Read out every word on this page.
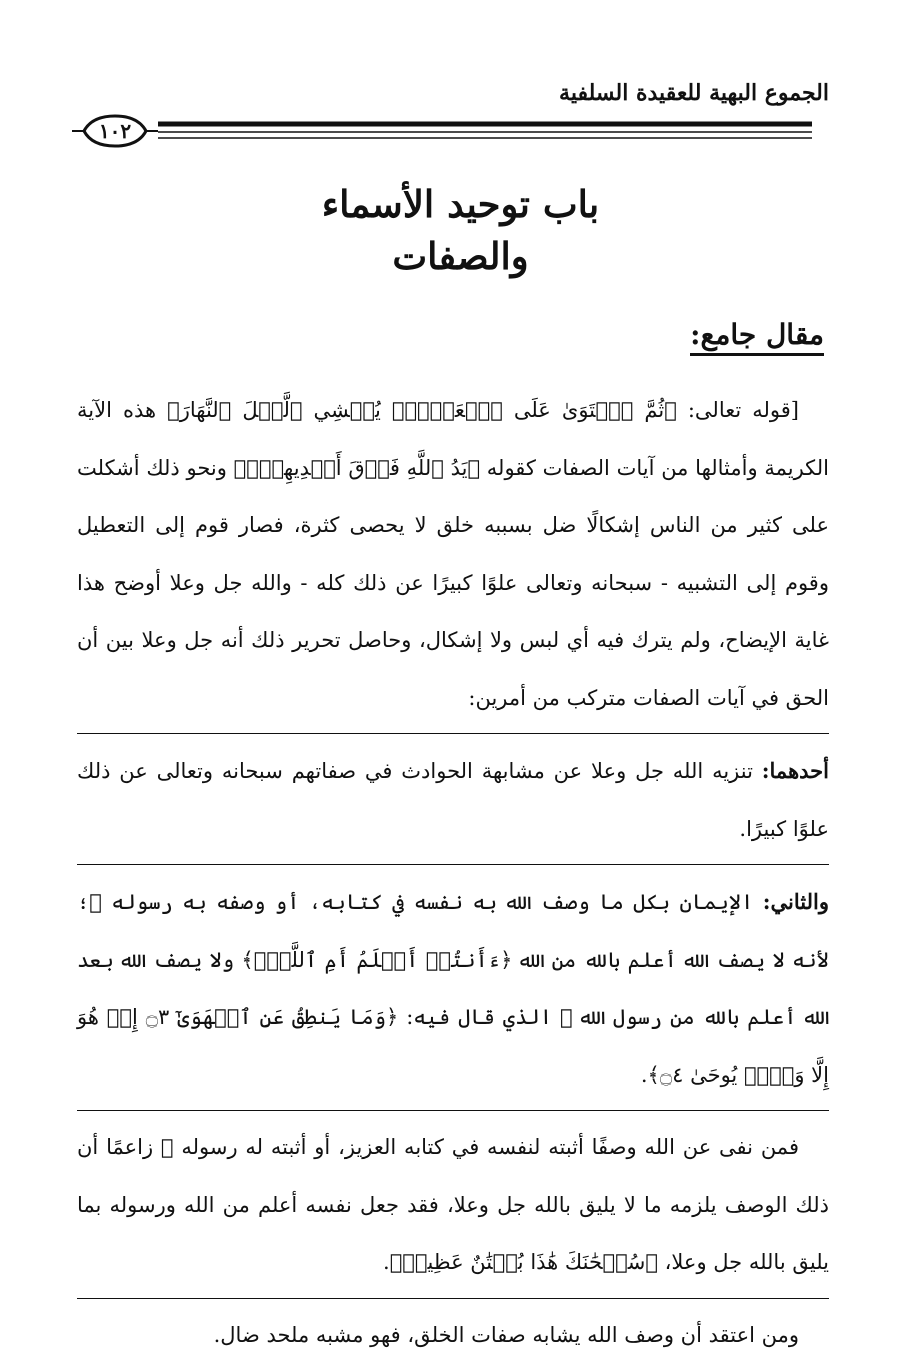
الجموع البهية للعقيدة السلفية
١٠٢
باب توحيد الأسماء
والصفات
مقال جامع:

[قوله تعالى: ﴿ثُمَّ ٱسۡتَوَىٰ عَلَى ٱلۡعَرۡشِۖ يُغۡشِي ٱلَّيۡلَ ٱلنَّهَارَ﴾ هذه الآية الكريمة وأمثالها من آيات الصفات كقوله ﴿يَدُ ٱللَّهِ فَوۡقَ أَيۡدِيهِمۡۚ﴾ ونحو ذلك أشكلت على كثير من الناس إشكالًا ضل بسببه خلق لا يحصى كثرة، فصار قوم إلى التعطيل وقوم إلى التشبيه - سبحانه وتعالى علوًا كبيرًا عن ذلك كله - والله جل وعلا أوضح هذا غاية الإيضاح، ولم يترك فيه أي لبس ولا إشكال، وحاصل تحرير ذلك أنه جل وعلا بين أن الحق في آيات الصفات متركب من أمرين:

أحدهما: تنزيه الله جل وعلا عن مشابهة الحوادث في صفاتهم سبحانه وتعالى عن ذلك علوًا كبيرًا.

والثاني: الإيمان بكل ما وصف الله به نفسه في كتابه، أو وصفه به رسوله ﷺ؛ لأنه لا يصف الله أعلم بالله من الله ﴿ءَأَنتُمۡ أَعۡلَمُ أَمِ ٱللَّهُۗ﴾ ولا يصف الله بعد الله أعلم بالله من رسول الله ﷺ الذي قال فيه: ﴿وَمَا يَنطِقُ عَنِ ٱلۡهَوَىٰٓ ۝٣ إِنۡ هُوَ إِلَّا وَحۡيٞ يُوحَىٰ ۝٤﴾.

فمن نفى عن الله وصفًا أثبته لنفسه في كتابه العزيز، أو أثبته له رسوله ﷺ زاعمًا أن ذلك الوصف يلزمه ما لا يليق بالله جل وعلا، فقد جعل نفسه أعلم من الله ورسوله بما يليق بالله جل وعلا، ﴿سُبۡحَٰنَكَ هَٰذَا بُهۡتَٰنٌ عَظِيمٞ﴾.

ومن اعتقد أن وصف الله يشابه صفات الخلق، فهو مشبه ملحد ضال.
